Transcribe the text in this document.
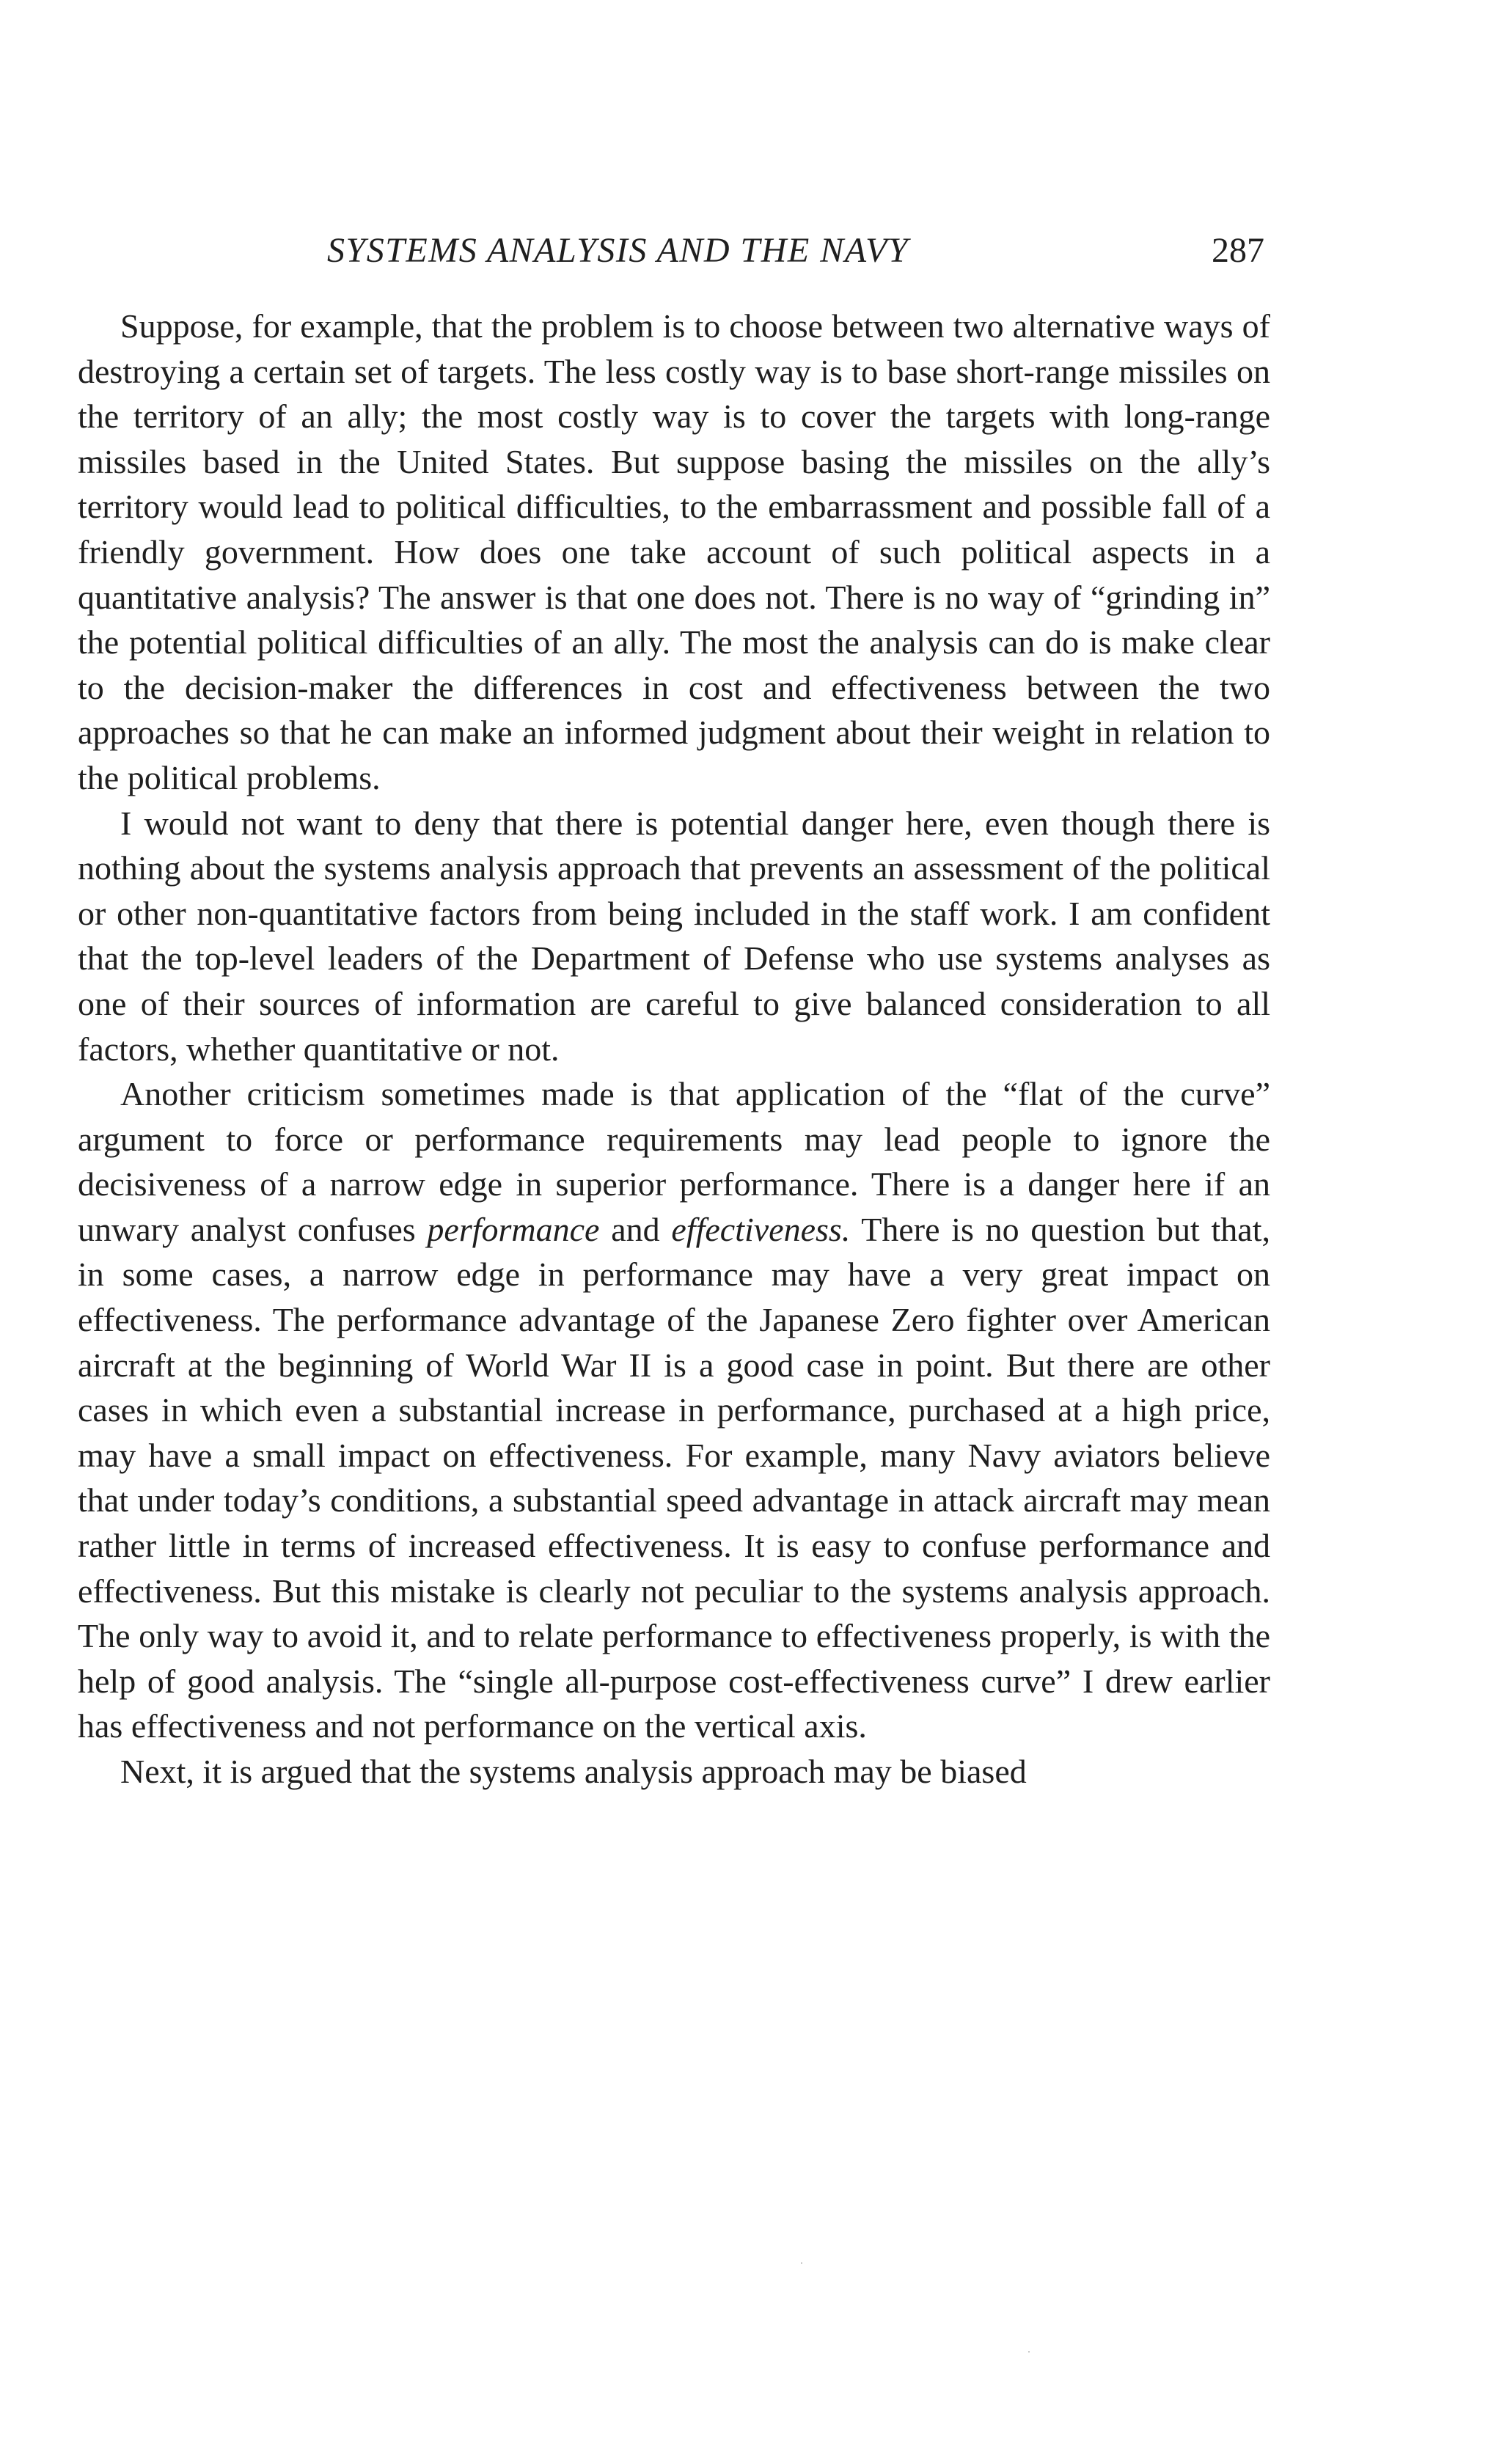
SYSTEMS ANALYSIS AND THE NAVY	287

Suppose, for example, that the problem is to choose between two alternative ways of destroying a certain set of targets. The less costly way is to base short-range missiles on the territory of an ally; the most costly way is to cover the targets with long-range missiles based in the United States. But suppose basing the missiles on the ally’s territory would lead to political difficulties, to the embarrassment and possible fall of a friendly government. How does one take account of such political aspects in a quantitative analysis? The answer is that one does not. There is no way of “grinding in” the potential political difficulties of an ally. The most the analysis can do is make clear to the decision-maker the differences in cost and effectiveness between the two approaches so that he can make an informed judgment about their weight in relation to the political problems.

I would not want to deny that there is potential danger here, even though there is nothing about the systems analysis approach that prevents an assessment of the political or other non-quantitative factors from being included in the staff work. I am confident that the top-level leaders of the Department of Defense who use systems analyses as one of their sources of information are careful to give balanced consideration to all factors, whether quantitative or not.

Another criticism sometimes made is that application of the “flat of the curve” argument to force or performance requirements may lead people to ignore the decisiveness of a narrow edge in superior performance. There is a danger here if an unwary analyst confuses performance and effectiveness. There is no question but that, in some cases, a narrow edge in performance may have a very great impact on effectiveness. The performance advantage of the Japanese Zero fighter over American aircraft at the beginning of World War II is a good case in point. But there are other cases in which even a substantial increase in performance, purchased at a high price, may have a small impact on effectiveness. For example, many Navy aviators believe that under today’s conditions, a substantial speed advantage in attack aircraft may mean rather little in terms of increased effectiveness. It is easy to confuse performance and effectiveness. But this mistake is clearly not peculiar to the systems analysis approach. The only way to avoid it, and to relate performance to effectiveness properly, is with the help of good analysis. The “single all-purpose cost-effectiveness curve” I drew earlier has effectiveness and not performance on the vertical axis.

Next, it is argued that the systems analysis approach may be biased
